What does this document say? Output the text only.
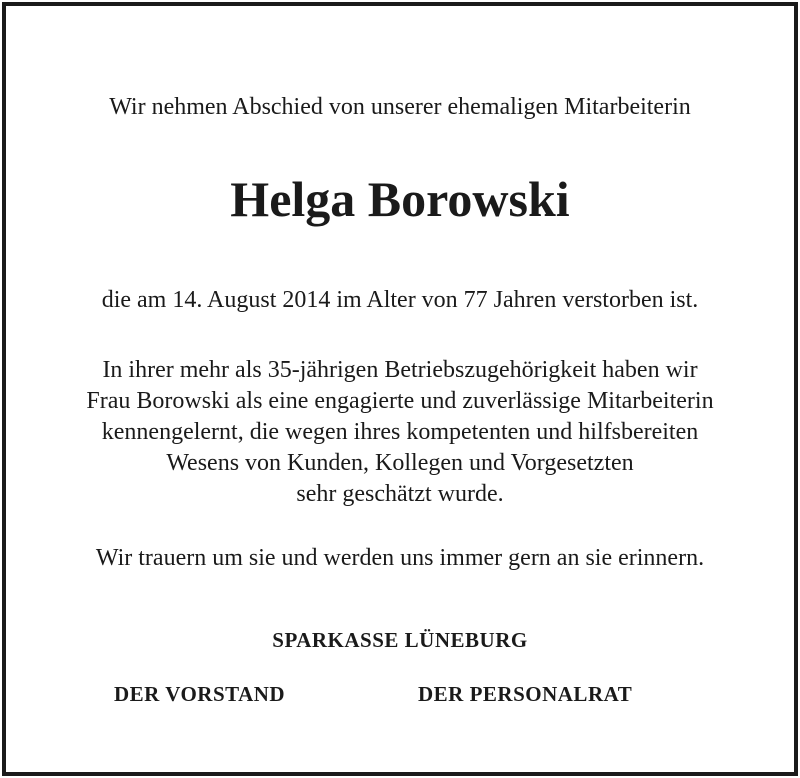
Wir nehmen Abschied von unserer ehemaligen Mitarbeiterin
Helga Borowski
die am 14. August 2014 im Alter von 77 Jahren verstorben ist.
In ihrer mehr als 35-jährigen Betriebszugehörigkeit haben wir
Frau Borowski als eine engagierte und zuverlässige Mitarbeiterin
kennengelernt, die wegen ihres kompetenten und hilfsbereiten
Wesens von Kunden, Kollegen und Vorgesetzten
sehr geschätzt wurde.
Wir trauern um sie und werden uns immer gern an sie erinnern.
SPARKASSE LÜNEBURG
DER VORSTAND	DER PERSONALRAT
